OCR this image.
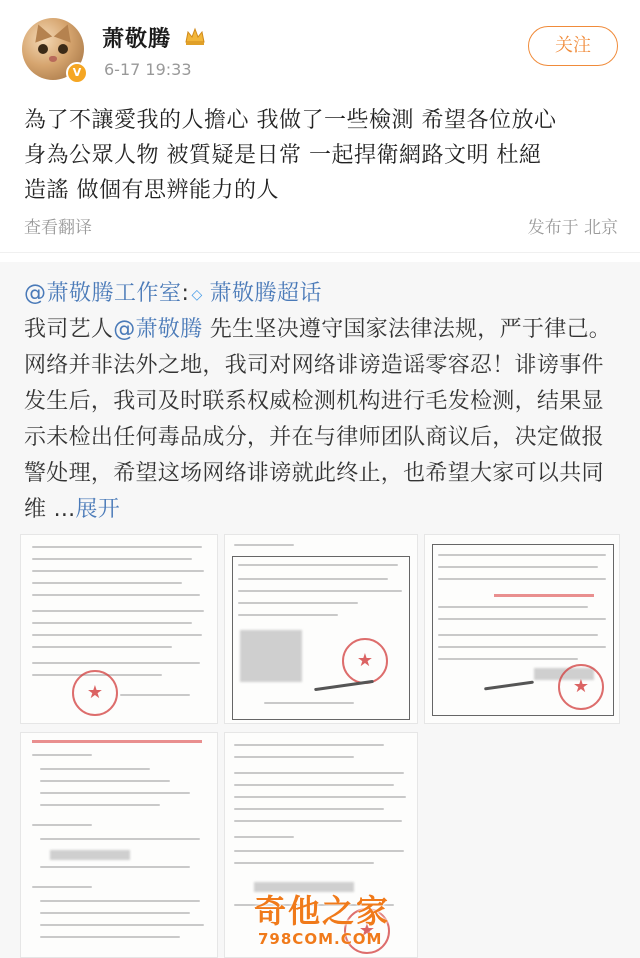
V
萧敬腾
6-17 19:33
关注
為了不讓愛我的人擔心 我做了一些檢測 希望各位放心
身為公眾人物 被質疑是日常 一起捍衛網路文明 杜絕
造謠 做個有思辨能力的人
查看翻译	发布于 北京
@萧敬腾工作室: ◇ 萧敬腾超话
我司艺人@萧敬腾 先生坚决遵守国家法律法规，严于律己。网络并非法外之地，我司对网络诽谤造谣零容忍！诽谤事件发生后，我司及时联系权威检测机构进行毛发检测，结果显示未检出任何毒品成分，并在与律师团队商议后，决定做报警处理，希望这场网络诽谤就此终止，也希望大家可以共同维 ...展开
★
★
★
★
奇他之家
798COM.COM
